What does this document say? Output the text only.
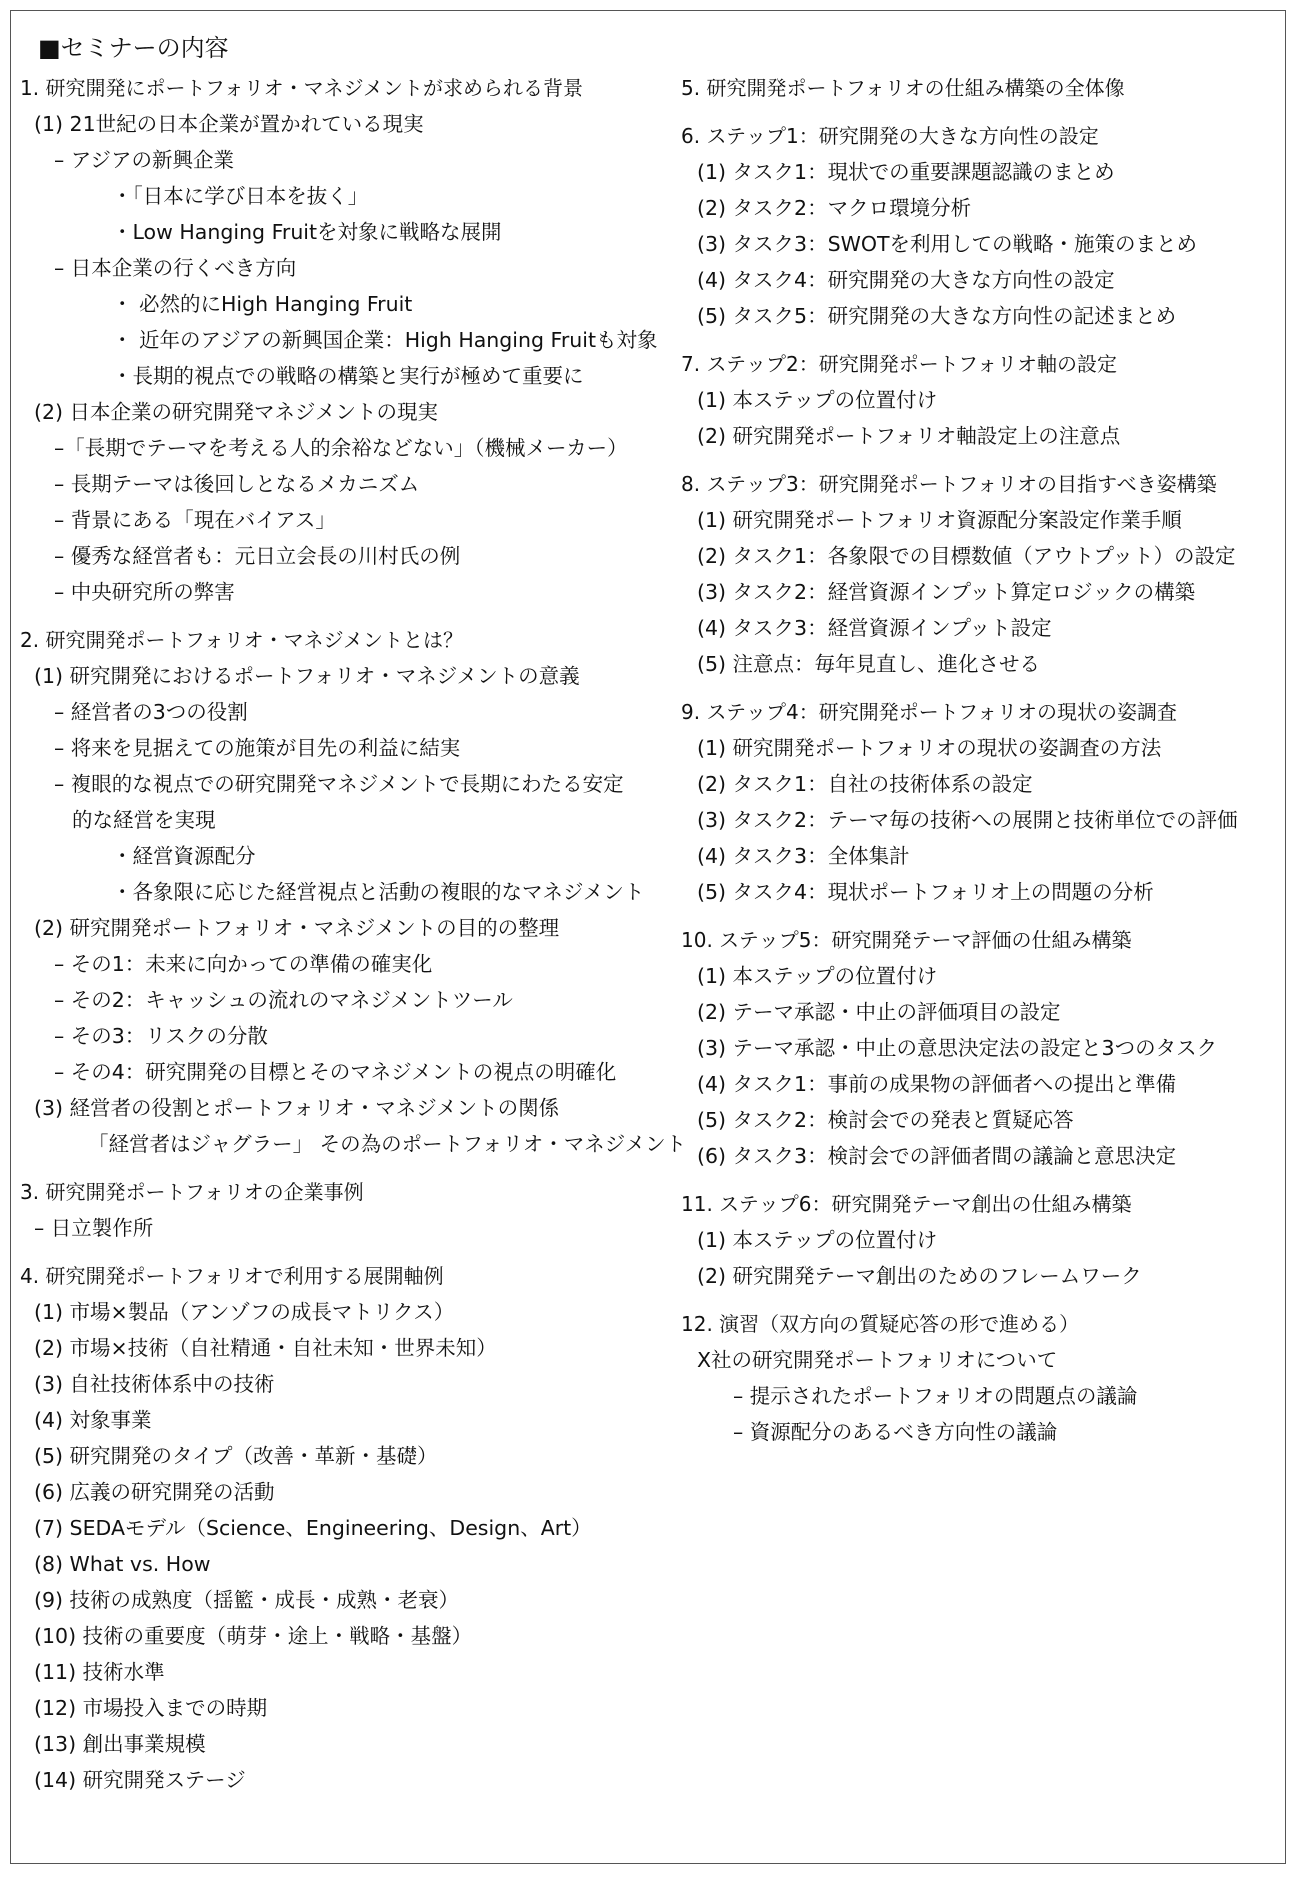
■セミナーの内容
1. 研究開発にポートフォリオ・マネジメントが求められる背景
(1) 21世紀の日本企業が置かれている現実
– アジアの新興企業
・「日本に学び日本を抜く」
・Low Hanging Fruitを対象に戦略な展開
– 日本企業の行くべき方向
・ 必然的にHigh Hanging Fruit
・ 近年のアジアの新興国企業：High Hanging Fruitも対象
・長期的視点での戦略の構築と実行が極めて重要に
(2) 日本企業の研究開発マネジメントの現実
–「長期でテーマを考える人的余裕などない」（機械メーカー）
– 長期テーマは後回しとなるメカニズム
– 背景にある「現在バイアス」
– 優秀な経営者も：元日立会長の川村氏の例
– 中央研究所の弊害
2. 研究開発ポートフォリオ・マネジメントとは？
(1) 研究開発におけるポートフォリオ・マネジメントの意義
– 経営者の3つの役割
– 将来を見据えての施策が目先の利益に結実
– 複眼的な視点での研究開発マネジメントで長期にわたる安定
的な経営を実現
・経営資源配分
・各象限に応じた経営視点と活動の複眼的なマネジメント
(2) 研究開発ポートフォリオ・マネジメントの目的の整理
– その1：未来に向かっての準備の確実化
– その2：キャッシュの流れのマネジメントツール
– その3：リスクの分散
– その4：研究開発の目標とそのマネジメントの視点の明確化
(3) 経営者の役割とポートフォリオ・マネジメントの関係
「経営者はジャグラー」 その為のポートフォリオ・マネジメント
3. 研究開発ポートフォリオの企業事例
– 日立製作所
4. 研究開発ポートフォリオで利用する展開軸例
(1) 市場×製品（アンゾフの成長マトリクス）
(2) 市場×技術（自社精通・自社未知・世界未知）
(3) 自社技術体系中の技術
(4) 対象事業
(5) 研究開発のタイプ（改善・革新・基礎）
(6) 広義の研究開発の活動
(7) SEDAモデル（Science、Engineering、Design、Art）
(8) What vs. How
(9) 技術の成熟度（揺籃・成長・成熟・老衰）
(10) 技術の重要度（萌芽・途上・戦略・基盤）
(11) 技術水準
(12) 市場投入までの時期
(13) 創出事業規模
(14) 研究開発ステージ
5. 研究開発ポートフォリオの仕組み構築の全体像
6. ステップ1：研究開発の大きな方向性の設定
(1) タスク1：現状での重要課題認識のまとめ
(2) タスク2：マクロ環境分析
(3) タスク3：SWOTを利用しての戦略・施策のまとめ
(4) タスク4：研究開発の大きな方向性の設定
(5) タスク5：研究開発の大きな方向性の記述まとめ
7. ステップ2：研究開発ポートフォリオ軸の設定
(1) 本ステップの位置付け
(2) 研究開発ポートフォリオ軸設定上の注意点
8. ステップ3：研究開発ポートフォリオの目指すべき姿構築
(1) 研究開発ポートフォリオ資源配分案設定作業手順
(2) タスク1：各象限での目標数値（アウトプット）の設定
(3) タスク2：経営資源インプット算定ロジックの構築
(4) タスク3：経営資源インプット設定
(5) 注意点：毎年見直し、進化させる
9. ステップ4：研究開発ポートフォリオの現状の姿調査
(1) 研究開発ポートフォリオの現状の姿調査の方法
(2) タスク1：自社の技術体系の設定
(3) タスク2：テーマ毎の技術への展開と技術単位での評価
(4) タスク3：全体集計
(5) タスク4：現状ポートフォリオ上の問題の分析
10. ステップ5：研究開発テーマ評価の仕組み構築
(1) 本ステップの位置付け
(2) テーマ承認・中止の評価項目の設定
(3) テーマ承認・中止の意思決定法の設定と3つのタスク
(4) タスク1：事前の成果物の評価者への提出と準備
(5) タスク2：検討会での発表と質疑応答
(6) タスク3：検討会での評価者間の議論と意思決定
11. ステップ6：研究開発テーマ創出の仕組み構築
(1) 本ステップの位置付け
(2) 研究開発テーマ創出のためのフレームワーク
12. 演習（双方向の質疑応答の形で進める）
X社の研究開発ポートフォリオについて
– 提示されたポートフォリオの問題点の議論
– 資源配分のあるべき方向性の議論
